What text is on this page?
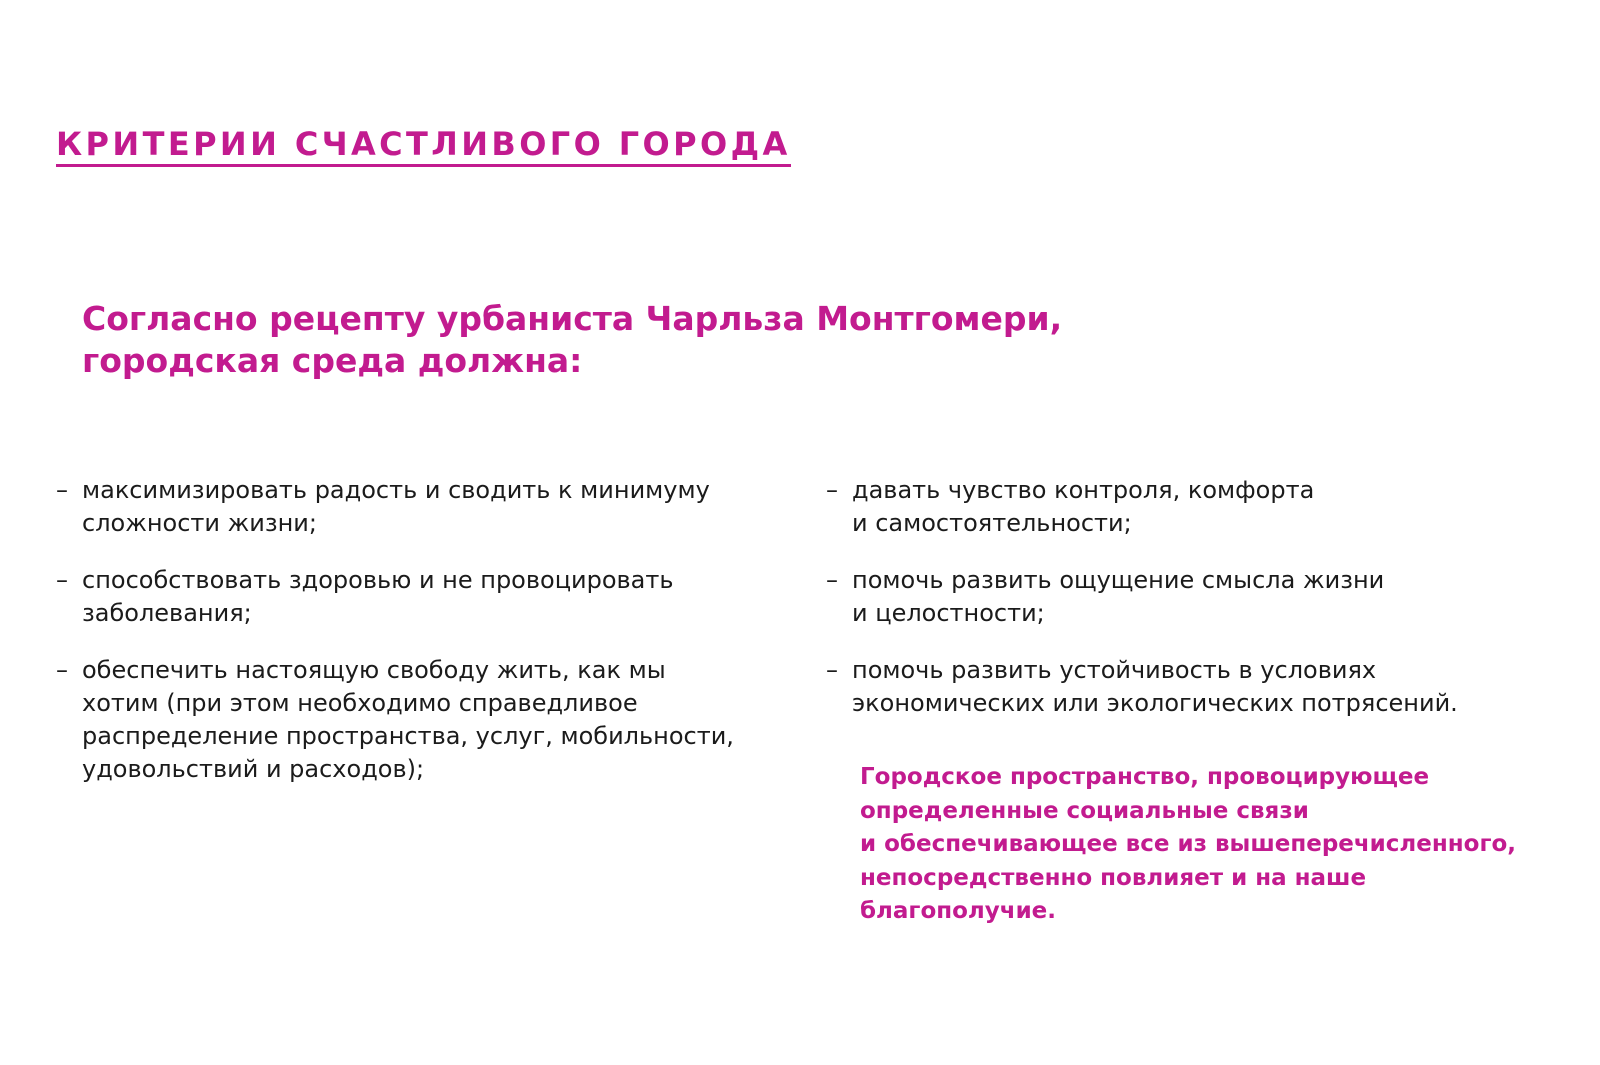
КРИТЕРИИ СЧАСТЛИВОГО ГОРОДА
Согласно рецепту урбаниста Чарльза Монтгомери,
городская среда должна:
– максимизировать радость и сводить к минимуму
сложности жизни;
– способствовать здоровью и не провоцировать
заболевания;
– обеспечить настоящую свободу жить, как мы
хотим (при этом необходимо справедливое
распределение пространства, услуг, мобильности,
удовольствий и расходов);
– давать чувство контроля, комфорта
и самостоятельности;
– помочь развить ощущение смысла жизни
и целостности;
– помочь развить устойчивость в условиях
экономических или экологических потрясений.

Городское пространство, провоцирующее
определенные социальные связи
и обеспечивающее все из вышеперечисленного,
непосредственно повлияет и на наше
благополучие.
